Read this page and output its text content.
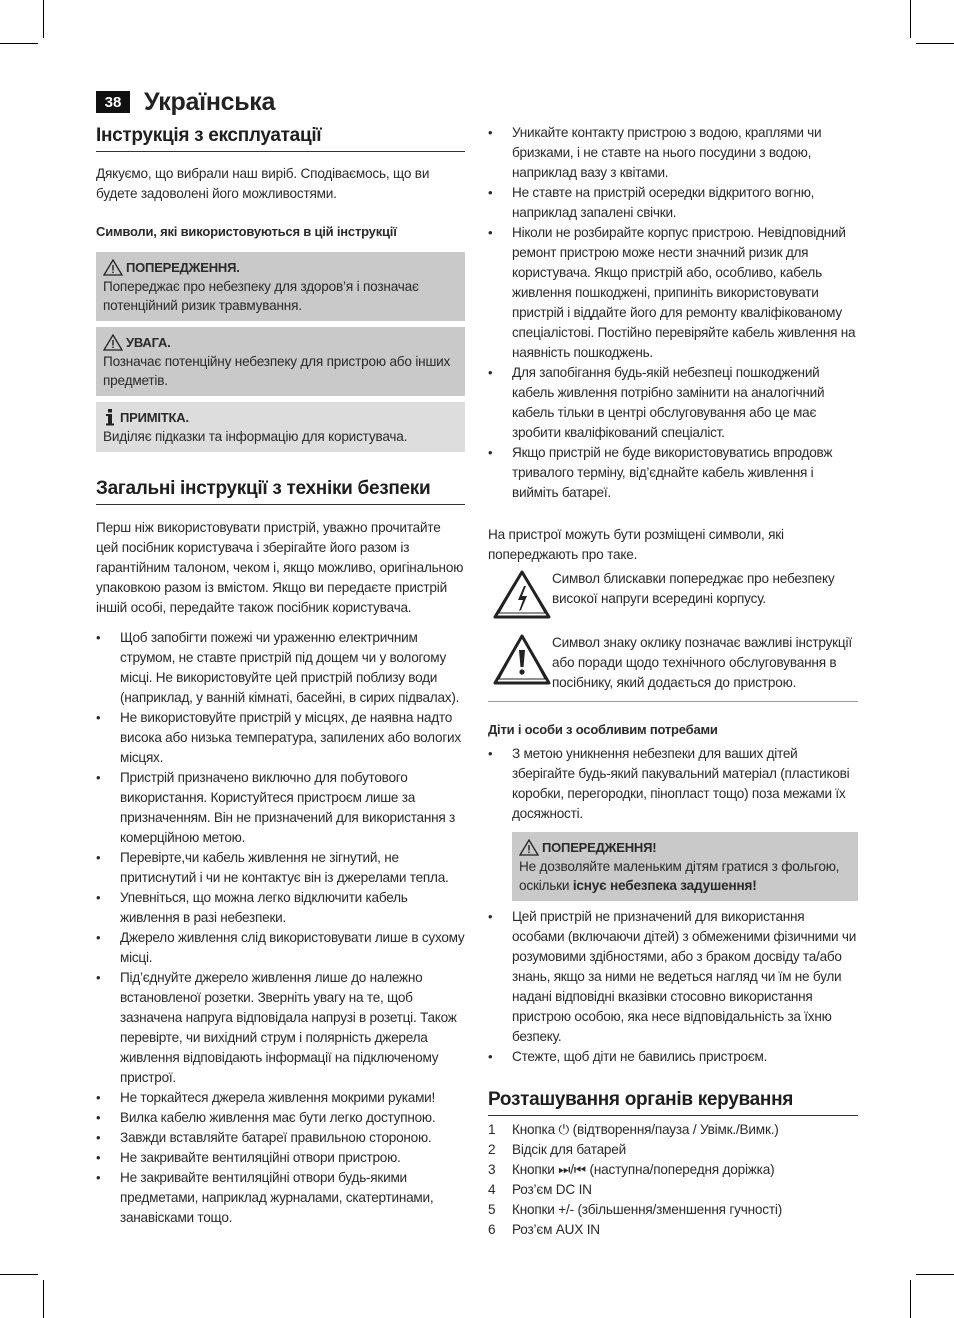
38 Українська
Інструкція з експлуатації

Дякуємо, що вибрали наш виріб. Сподіваємось, що ви будете задоволені його можливостями.

Символи, які використовуються в цій інструкції

ПОПЕРЕДЖЕННЯ.
Попереджає про небезпеку для здоров’я і позначає потенційний ризик травмування.
УВАГА.
Позначає потенційну небезпеку для пристрою або інших предметів.
ПРИМІТКА.
Виділяє підказки та інформацію для користувача.
Загальні інструкції з техніки безпеки

Перш ніж використовувати пристрій, уважно прочитайте цей посібник користувача і зберігайте його разом із гарантійним талоном, чеком і, якщо можливо, оригінальною упаковкою разом із вмістом. Якщо ви передаєте пристрій іншій особі, передайте також посібник користувача.

• Щоб запобігти пожежі чи ураженню електричним струмом, не ставте пристрій під дощем чи у вологому місці. Не використовуйте цей пристрій поблизу води (наприклад, у ванній кімнаті, басейні, в сирих підвалах).
• Не використовуйте пристрій у місцях, де наявна надто висока або низька температура, запилених або вологих місцях.
• Пристрій призначено виключно для побутового використання. Користуйтеся пристроєм лише за призначенням. Він не призначений для використання з комерційною метою.
• Перевірте,чи кабель живлення не зігнутий, не притиснутий і чи не контактує він із джерелами тепла.
• Упевніться, що можна легко відключити кабель живлення в разі небезпеки.
• Джерело живлення слід використовувати лише в сухому місці.
• Під’єднуйте джерело живлення лише до належно встановленої розетки. Зверніть увагу на те, щоб зазначена напруга відповідала напрузі в розетці. Також перевірте, чи вихідний струм і полярність джерела живлення відповідають інформації на підключеному пристрої.
• Не торкайтеся джерела живлення мокрими руками!
• Вилка кабелю живлення має бути легко доступною.
• Завжди вставляйте батареї правильною стороною.
• Не закривайте вентиляційні отвори пристрою.
• Не закривайте вентиляційні отвори будь-якими предметами, наприклад журналами, скатертинами, занавісками тощо.
• Уникайте контакту пристрою з водою, краплями чи бризками, і не ставте на нього посудини з водою, наприклад вазу з квітами.
• Не ставте на пристрій осередки відкритого вогню, наприклад запалені свічки.
• Ніколи не розбирайте корпус пристрою. Невідповідний ремонт пристрою може нести значний ризик для користувача. Якщо пристрій або, особливо, кабель живлення пошкоджені, припиніть використовувати пристрій і віддайте його для ремонту кваліфікованому спеціалістові. Постійно перевіряйте кабель живлення на наявність пошкоджень.
• Для запобігання будь-якій небезпеці пошкоджений кабель живлення потрібно замінити на аналогічний кабель тільки в центрі обслуговування або це має зробити кваліфікований спеціаліст.
• Якщо пристрій не буде використовуватись впродовж тривалого терміну, від’єднайте кабель живлення і вийміть батареї.

На пристрої можуть бути розміщені символи, які попереджають про таке.

Символ блискавки попереджає про небезпеку високої напруги всередині корпусу.

Символ знаку оклику позначає важливі інструкції або поради щодо технічного обслуговування в посібнику, який додається до пристрою.

Діти і особи з особливим потребами

• З метою уникнення небезпеки для ваших дітей зберігайте будь-який пакувальний матеріал (пластикові коробки, перегородки, пінопласт тощо) поза межами їх досяжності.
ПОПЕРЕДЖЕННЯ!
Не дозволяйте маленьким дітям гратися з фольгою, оскільки існує небезпека задушення!
• Цей пристрій не призначений для використання особами (включаючи дітей) з обмеженими фізичними чи розумовими здібностями, або з браком досвіду та/або знань, якщо за ними не ведеться нагляд чи їм не були надані відповідні вказівки стосовно використання пристрою особою, яка несе відповідальність за їхню безпеку.
• Стежте, щоб діти не бавились пристроєм.
Розташування органів керування
1	Кнопка ⏻ (відтворення/пауза / Увімк./Вимк.)
2	Відсік для батарей
3	Кнопки ⏭/⏮ (наступна/попередня доріжка)
4	Роз’єм DC IN
5	Кнопки +/- (збільшення/зменшення гучності)
6	Роз’єм AUX IN
